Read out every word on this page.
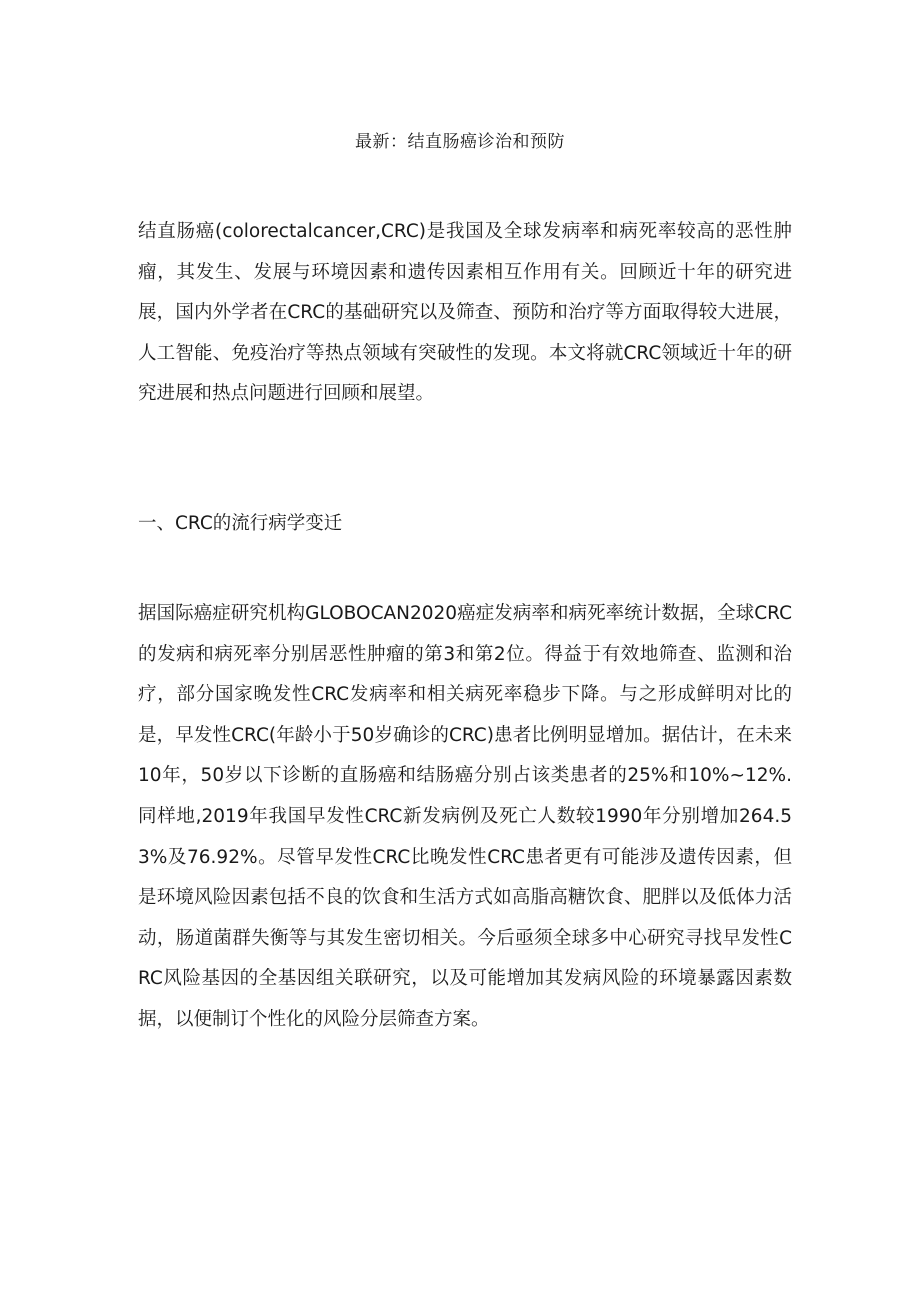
最新：结直肠癌诊治和预防

结直肠癌(colorectalcancer,CRC)是我国及全球发病率和病死率较高的恶性肿瘤，其发生、发展与环境因素和遗传因素相互作用有关。回顾近十年的研究进展，国内外学者在CRC的基础研究以及筛查、预防和治疗等方面取得较大进展，人工智能、免疫治疗等热点领域有突破性的发现。本文将就CRC领域近十年的研究进展和热点问题进行回顾和展望。

一、CRC的流行病学变迁

据国际癌症研究机构GLOBOCAN2020癌症发病率和病死率统计数据，全球CRC的发病和病死率分别居恶性肿瘤的第3和第2位。得益于有效地筛查、监测和治疗，部分国家晚发性CRC发病率和相关病死率稳步下降。与之形成鲜明对比的是，早发性CRC(年龄小于50岁确诊的CRC)患者比例明显增加。据估计，在未来10年，50岁以下诊断的直肠癌和结肠癌分别占该类患者的25%和10%~12%.同样地,2019年我国早发性CRC新发病例及死亡人数较1990年分别增加264.53%及76.92%。尽管早发性CRC比晚发性CRC患者更有可能涉及遗传因素，但是环境风险因素包括不良的饮食和生活方式如高脂高糖饮食、肥胖以及低体力活动，肠道菌群失衡等与其发生密切相关。今后亟须全球多中心研究寻找早发性CRC风险基因的全基因组关联研究，以及可能增加其发病风险的环境暴露因素数据，以便制订个性化的风险分层筛查方案。
